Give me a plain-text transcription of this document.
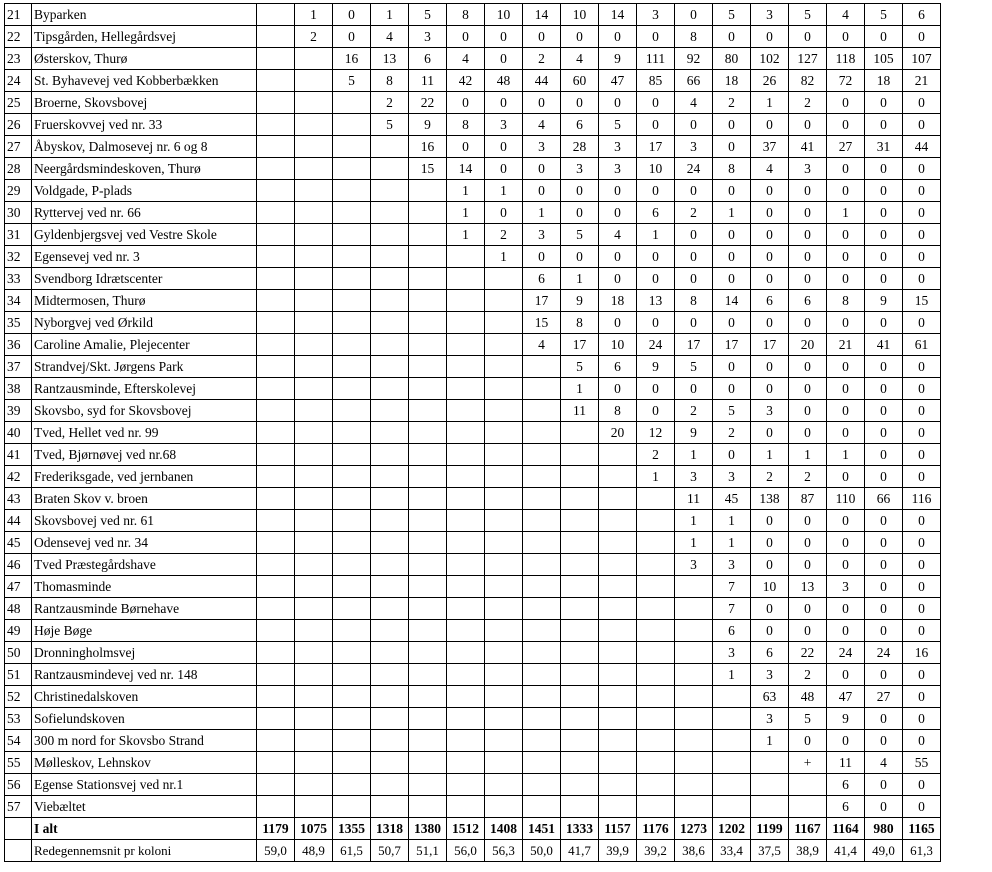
21	Byparken		1	0	1	5	8	10	14	10	14	3	0	5	3	5	4	5	6
22	Tipsgården, Hellegårdsvej		2	0	4	3	0	0	0	0	0	0	8	0	0	0	0	0	0
23	Østerskov, Thurø			16	13	6	4	0	2	4	9	111	92	80	102	127	118	105	107
24	St. Byhavevej ved Kobberbækken			5	8	11	42	48	44	60	47	85	66	18	26	82	72	18	21
25	Broerne, Skovsbovej				2	22	0	0	0	0	0	0	4	2	1	2	0	0	0
26	Fruerskovvej ved nr. 33				5	9	8	3	4	6	5	0	0	0	0	0	0	0	0
27	Åbyskov, Dalmosevej nr. 6 og 8					16	0	0	3	28	3	17	3	0	37	41	27	31	44
28	Neergårdsmindeskoven, Thurø					15	14	0	0	3	3	10	24	8	4	3	0	0	0
29	Voldgade, P-plads						1	1	0	0	0	0	0	0	0	0	0	0	0
30	Ryttervej ved nr. 66						1	0	1	0	0	6	2	1	0	0	1	0	0
31	Gyldenbjergsvej ved Vestre Skole						1	2	3	5	4	1	0	0	0	0	0	0	0
32	Egensevej ved nr. 3							1	0	0	0	0	0	0	0	0	0	0	0
33	Svendborg Idrætscenter								6	1	0	0	0	0	0	0	0	0	0
34	Midtermosen, Thurø								17	9	18	13	8	14	6	6	8	9	15
35	Nyborgvej ved Ørkild								15	8	0	0	0	0	0	0	0	0	0
36	Caroline Amalie, Plejecenter								4	17	10	24	17	17	17	20	21	41	61
37	Strandvej/Skt. Jørgens Park									5	6	9	5	0	0	0	0	0	0
38	Rantzausminde, Efterskolevej									1	0	0	0	0	0	0	0	0	0
39	Skovsbo, syd for Skovsbovej									11	8	0	2	5	3	0	0	0	0
40	Tved, Hellet ved nr. 99										20	12	9	2	0	0	0	0	0
41	Tved, Bjørnøvej ved nr.68											2	1	0	1	1	1	0	0
42	Frederiksgade, ved jernbanen											1	3	3	2	2	0	0	0
43	Braten Skov v. broen												11	45	138	87	110	66	116
44	Skovsbovej ved nr. 61												1	1	0	0	0	0	0
45	Odensevej ved nr. 34												1	1	0	0	0	0	0
46	Tved Præstegårdshave												3	3	0	0	0	0	0
47	Thomasminde													7	10	13	3	0	0
48	Rantzausminde Børnehave													7	0	0	0	0	0
49	Høje Bøge													6	0	0	0	0	0
50	Dronningholmsvej													3	6	22	24	24	16
51	Rantzausmindevej ved nr. 148													1	3	2	0	0	0
52	Christinedalskoven														63	48	47	27	0
53	Sofielundskoven														3	5	9	0	0
54	300 m nord for Skovsbo Strand														1	0	0	0	0
55	Mølleskov, Lehnskov															+	11	4	55
56	Egense Stationsvej ved nr.1																6	0	0
57	Viebæltet																6	0	0
	I alt	1179	1075	1355	1318	1380	1512	1408	1451	1333	1157	1176	1273	1202	1199	1167	1164	980	1165
	Redegennemsnit pr koloni	59,0	48,9	61,5	50,7	51,1	56,0	56,3	50,0	41,7	39,9	39,2	38,6	33,4	37,5	38,9	41,4	49,0	61,3
